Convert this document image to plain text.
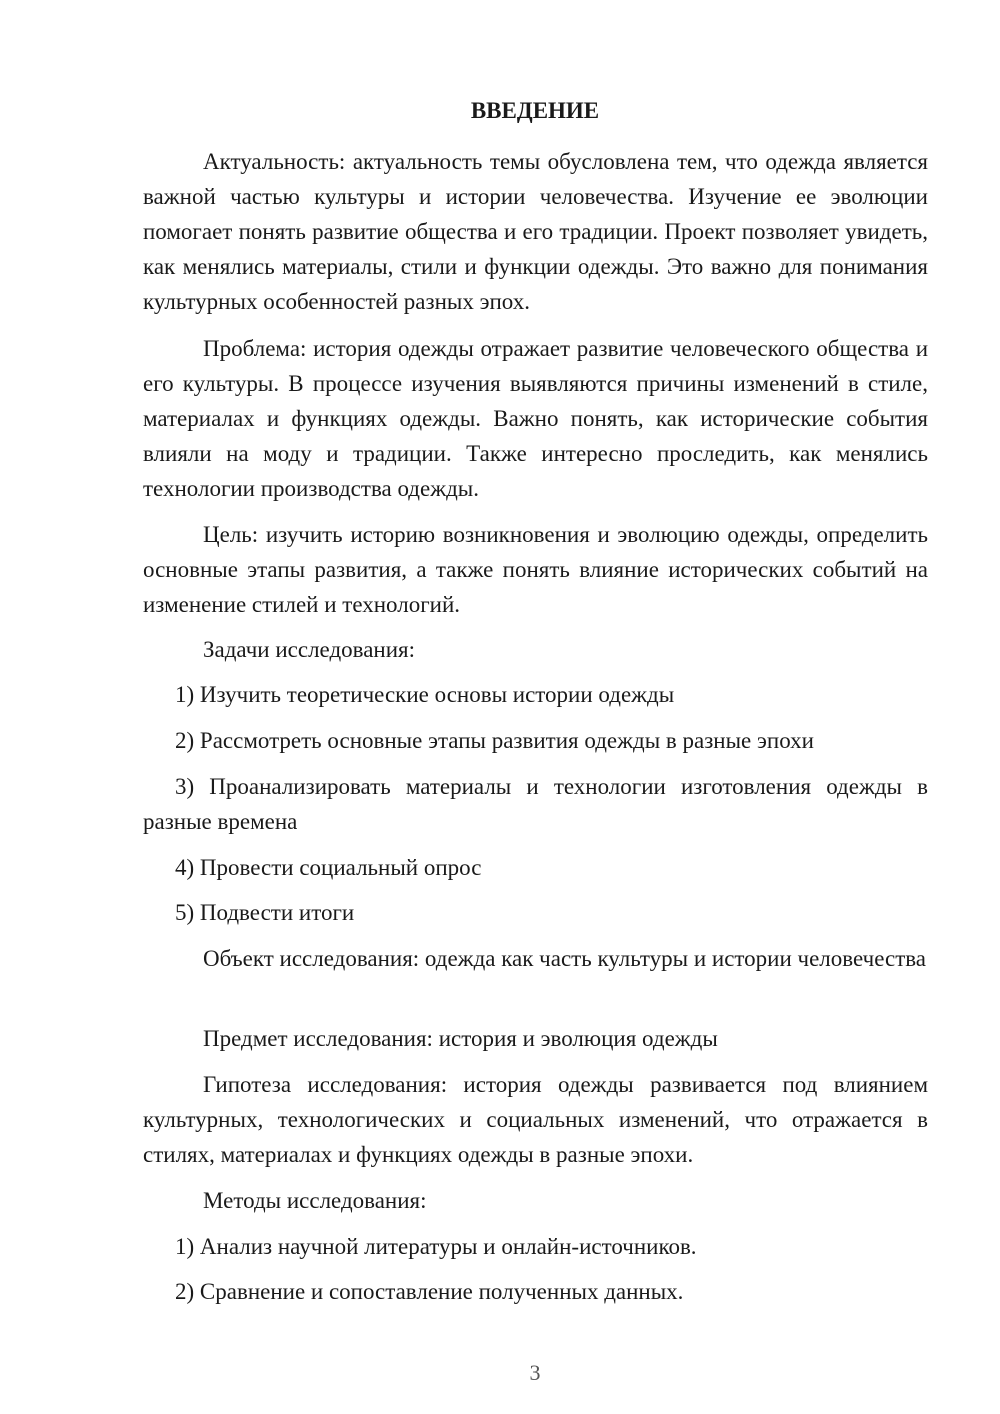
ВВЕДЕНИЕ

Актуальность: актуальность темы обусловлена тем, что одежда является важной частью культуры и истории человечества. Изучение ее эволюции помогает понять развитие общества и его традиции. Проект позволяет увидеть, как менялись материалы, стили и функции одежды. Это важно для понимания культурных особенностей разных эпох.

Проблема: история одежды отражает развитие человеческого общества и его культуры. В процессе изучения выявляются причины изменений в стиле, материалах и функциях одежды. Важно понять, как исторические события влияли на моду и традиции. Также интересно проследить, как менялись технологии производства одежды.

Цель: изучить историю возникновения и эволюцию одежды, определить основные этапы развития, а также понять влияние исторических событий на изменение стилей и технологий.

Задачи исследования:

1) Изучить теоретические основы истории одежды

2) Рассмотреть основные этапы развития одежды в разные эпохи

3) Проанализировать материалы и технологии изготовления одежды в разные времена

4) Провести социальный опрос

5) Подвести итоги

Объект исследования: одежда как часть культуры и истории человечества

Предмет исследования: история и эволюция одежды

Гипотеза исследования: история одежды развивается под влиянием культурных, технологических и социальных изменений, что отражается в стилях, материалах и функциях одежды в разные эпохи.

Методы исследования:

1) Анализ научной литературы и онлайн-источников.

2) Сравнение и сопоставление полученных данных.

3
